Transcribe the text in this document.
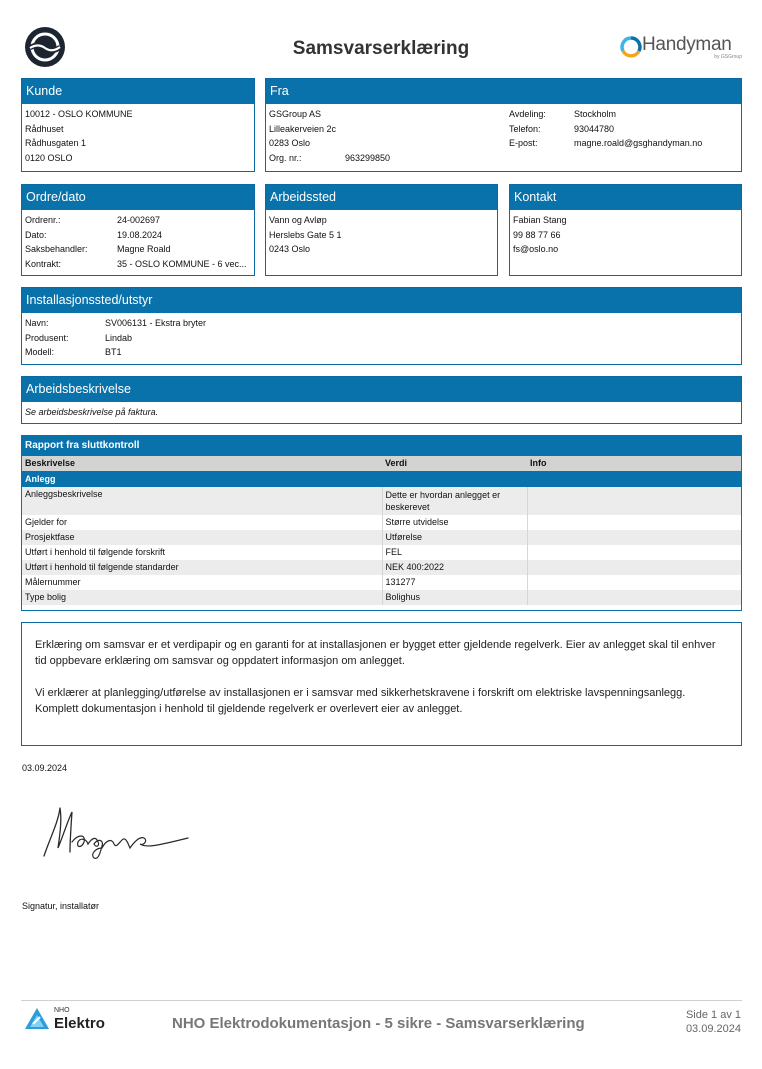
Samsvarserklæring	Handyman
by GSGroup
Kunde
10012 - OSLO KOMMUNE
Rådhuset
Rådhusgaten 1
0120 OSLO
Fra
GSGroup AS
Lilleakerveien 2c
0283 Oslo
Org. nr.:	963299850
Avdeling:	Stockholm
Telefon:	93044780
E-post:	magne.roald@gsghandyman.no
Ordre/dato
Ordrenr.:	24-002697
Dato:	19.08.2024
Saksbehandler:	Magne Roald
Kontrakt:	35 - OSLO KOMMUNE - 6 vec...
Arbeidssted
Vann og Avløp
Herslebs Gate 5 1
0243 Oslo
Kontakt
Fabian Stang
99 88 77 66
fs@oslo.no
Installasjonssted/utstyr
Navn:	SV006131 - Ekstra bryter
Produsent:	Lindab
Modell:	BT1
Arbeidsbeskrivelse
Se arbeidsbeskrivelse på faktura.
Rapport fra sluttkontroll
Beskrivelse	Verdi	Info
Anlegg		
Anleggsbeskrivelse	Dette er hvordan anlegget er beskerevet	
Gjelder for	Større utvidelse	
Prosjektfase	Utførelse	
Utført i henhold til følgende forskrift	FEL	
Utført i henhold til følgende standarder	NEK 400:2022	
Målernummer	131277	
Type bolig	Bolighus	

Erklæring om samsvar er et verdipapir og en garanti for at installasjonen er bygget etter gjeldende regelverk. Eier av anlegget skal til enhver tid oppbevare erklæring om samsvar og oppdatert informasjon om anlegget.

Vi erklærer at planlegging/utførelse av installasjonen er i samsvar med sikkerhetskravene i forskrift om elektriske lavspenningsanlegg. Komplett dokumentasjon i henhold til gjeldende regelverk er overlevert eier av anlegget.

03.09.2024
Signatur, installatør
NHO
Elektro	NHO Elektrodokumentasjon - 5 sikre - Samsvarserklæring	Side 1 av 1
03.09.2024
